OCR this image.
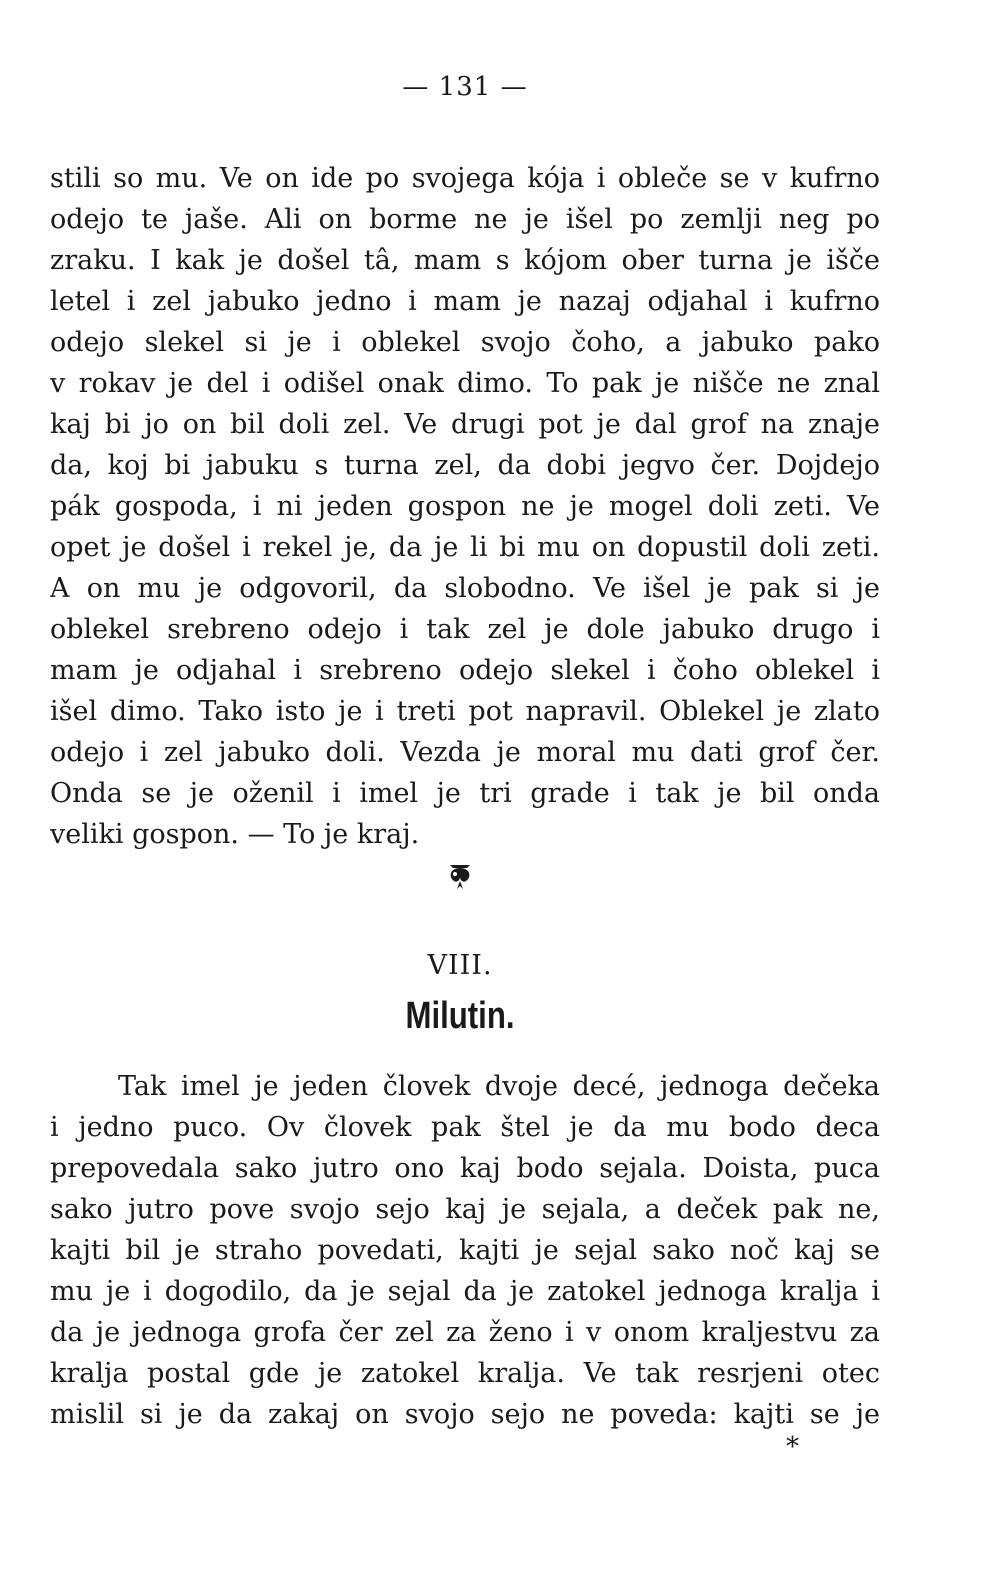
— 131 —
stili so mu. Ve on ide po svojega kója i obleče se v kufrno
odejo te jaše. Ali on borme ne je išel po zemlji neg po
zraku. I kak je došel tâ, mam s kójom ober turna je išče
letel i zel jabuko jedno i mam je nazaj odjahal i kufrno
odejo slekel si je i oblekel svojo čoho, a jabuko pako
v rokav je del i odišel onak dimo. To pak je nišče ne znal
kaj bi jo on bil doli zel. Ve drugi pot je dal grof na znaje
da, koj bi jabuku s turna zel, da dobi jegvo čer. Dojdejo
pák gospoda, i ni jeden gospon ne je mogel doli zeti. Ve
opet je došel i rekel je, da je li bi mu on dopustil doli zeti.
A on mu je odgovoril, da slobodno. Ve išel je pak si je
oblekel srebreno odejo i tak zel je dole jabuko drugo i
mam je odjahal i srebreno odejo slekel i čoho oblekel i
išel dimo. Tako isto je i treti pot napravil. Oblekel je zlato
odejo i zel jabuko doli. Vezda je moral mu dati grof čer.
Onda se je oženil i imel je tri grade i tak je bil onda
veliki gospon. — To je kraj.
VIII.
Milutin.
Tak imel je jeden človek dvoje decé, jednoga dečeka
i jedno puco. Ov človek pak štel je da mu bodo deca
prepovedala sako jutro ono kaj bodo sejala. Doista, puca
sako jutro pove svojo sejo kaj je sejala, a deček pak ne,
kajti bil je straho povedati, kajti je sejal sako noč kaj se
mu je i dogodilo, da je sejal da je zatokel jednoga kralja i
da je jednoga grofa čer zel za ženo i v onom kraljestvu za
kralja postal gde je zatokel kralja. Ve tak resrjeni otec
mislil si je da zakaj on svojo sejo ne poveda: kajti se je
*
